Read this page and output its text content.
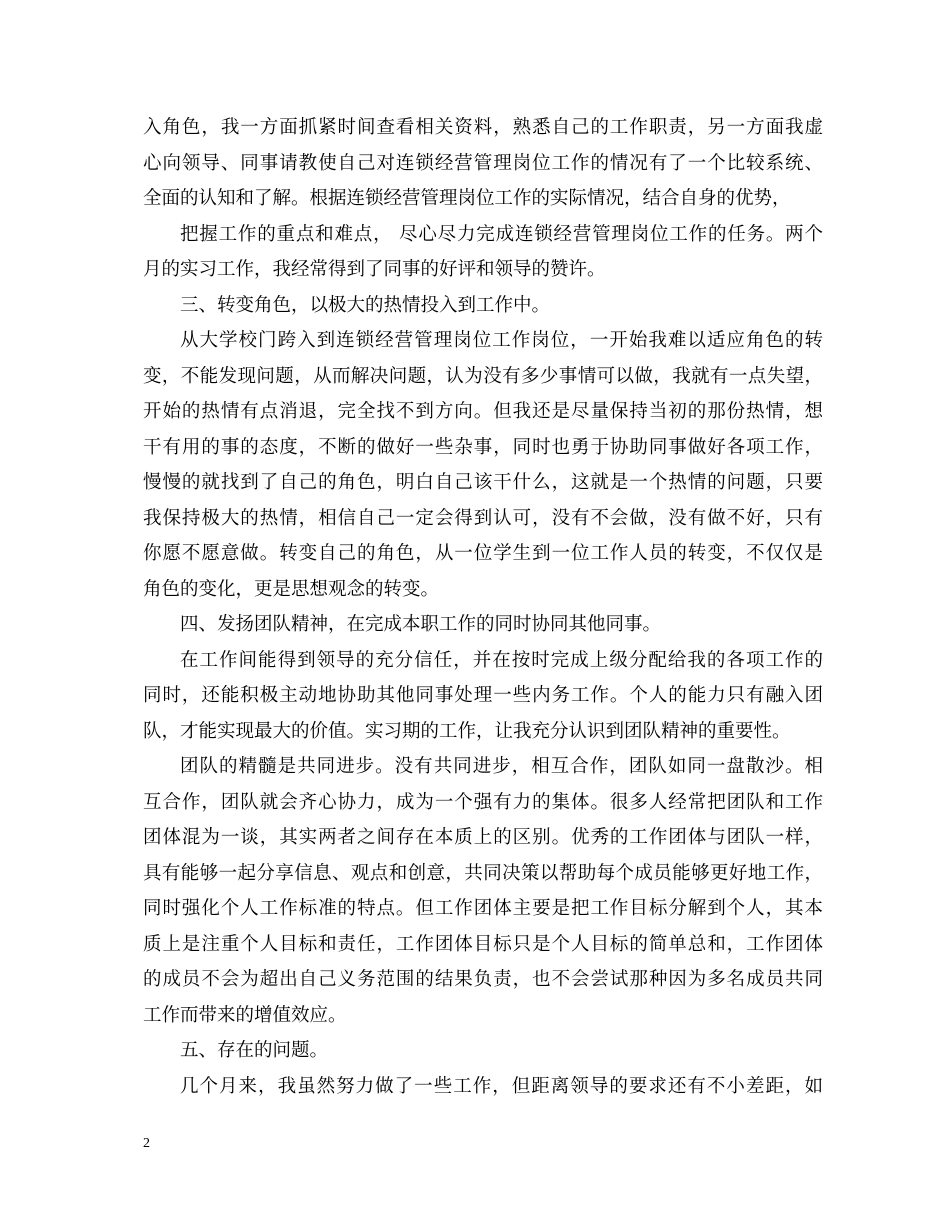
入角色，我一方面抓紧时间查看相关资料，熟悉自己的工作职责，另一方面我虚
心向领导、同事请教使自己对连锁经营管理岗位工作的情况有了一个比较系统、
全面的认知和了解。根据连锁经营管理岗位工作的实际情况，结合自身的优势，
把握工作的重点和难点， 尽心尽力完成连锁经营管理岗位工作的任务。两个
月的实习工作，我经常得到了同事的好评和领导的赞许。
三、转变角色，以极大的热情投入到工作中。
从大学校门跨入到连锁经营管理岗位工作岗位，一开始我难以适应角色的转
变，不能发现问题，从而解决问题，认为没有多少事情可以做，我就有一点失望，
开始的热情有点消退，完全找不到方向。但我还是尽量保持当初的那份热情，想
干有用的事的态度，不断的做好一些杂事，同时也勇于协助同事做好各项工作，
慢慢的就找到了自己的角色，明白自己该干什么，这就是一个热情的问题，只要
我保持极大的热情，相信自己一定会得到认可，没有不会做，没有做不好，只有
你愿不愿意做。转变自己的角色，从一位学生到一位工作人员的转变，不仅仅是
角色的变化，更是思想观念的转变。
四、发扬团队精神，在完成本职工作的同时协同其他同事。
在工作间能得到领导的充分信任，并在按时完成上级分配给我的各项工作的
同时，还能积极主动地协助其他同事处理一些内务工作。个人的能力只有融入团
队，才能实现最大的价值。实习期的工作，让我充分认识到团队精神的重要性。
团队的精髓是共同进步。没有共同进步，相互合作，团队如同一盘散沙。相
互合作，团队就会齐心协力，成为一个强有力的集体。很多人经常把团队和工作
团体混为一谈，其实两者之间存在本质上的区别。优秀的工作团体与团队一样，
具有能够一起分享信息、观点和创意，共同决策以帮助每个成员能够更好地工作，
同时强化个人工作标准的特点。但工作团体主要是把工作目标分解到个人，其本
质上是注重个人目标和责任，工作团体目标只是个人目标的简单总和，工作团体
的成员不会为超出自己义务范围的结果负责，也不会尝试那种因为多名成员共同
工作而带来的增值效应。
五、存在的问题。
几个月来，我虽然努力做了一些工作，但距离领导的要求还有不小差距，如
2
